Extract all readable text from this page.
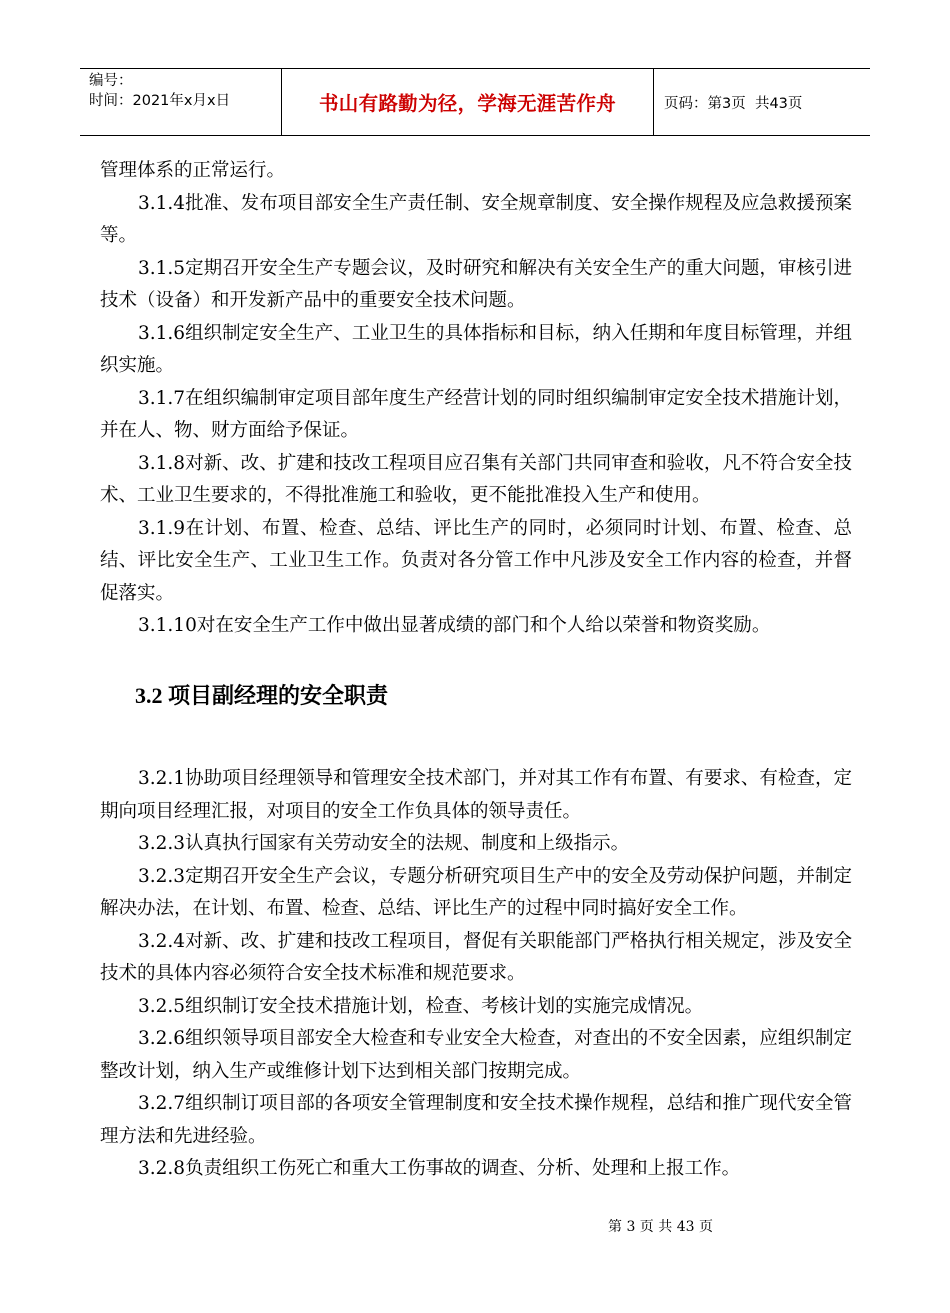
编号：
时间：2021年x月x日	书山有路勤为径，学海无涯苦作舟	页码：第3页  共43页

管理体系的正常运行。

3.1.4批准、发布项目部安全生产责任制、安全规章制度、安全操作规程及应急救援预案等。

3.1.5定期召开安全生产专题会议，及时研究和解决有关安全生产的重大问题，审核引进技术（设备）和开发新产品中的重要安全技术问题。

3.1.6组织制定安全生产、工业卫生的具体指标和目标，纳入任期和年度目标管理，并组织实施。

3.1.7在组织编制审定项目部年度生产经营计划的同时组织编制审定安全技术措施计划，并在人、物、财方面给予保证。

3.1.8对新、改、扩建和技改工程项目应召集有关部门共同审查和验收，凡不符合安全技术、工业卫生要求的，不得批准施工和验收，更不能批准投入生产和使用。

3.1.9在计划、布置、检查、总结、评比生产的同时，必须同时计划、布置、检查、总结、评比安全生产、工业卫生工作。负责对各分管工作中凡涉及安全工作内容的检查，并督促落实。

3.1.10对在安全生产工作中做出显著成绩的部门和个人给以荣誉和物资奖励。

3.2 项目副经理的安全职责

3.2.1协助项目经理领导和管理安全技术部门，并对其工作有布置、有要求、有检查，定期向项目经理汇报，对项目的安全工作负具体的领导责任。

3.2.3认真执行国家有关劳动安全的法规、制度和上级指示。

3.2.3定期召开安全生产会议，专题分析研究项目生产中的安全及劳动保护问题，并制定解决办法，在计划、布置、检查、总结、评比生产的过程中同时搞好安全工作。

3.2.4对新、改、扩建和技改工程项目，督促有关职能部门严格执行相关规定，涉及安全技术的具体内容必须符合安全技术标准和规范要求。

3.2.5组织制订安全技术措施计划，检查、考核计划的实施完成情况。

3.2.6组织领导项目部安全大检查和专业安全大检查，对查出的不安全因素，应组织制定整改计划，纳入生产或维修计划下达到相关部门按期完成。

3.2.7组织制订项目部的各项安全管理制度和安全技术操作规程，总结和推广现代安全管理方法和先进经验。

3.2.8负责组织工伤死亡和重大工伤事故的调查、分析、处理和上报工作。

第 3 页 共 43 页
